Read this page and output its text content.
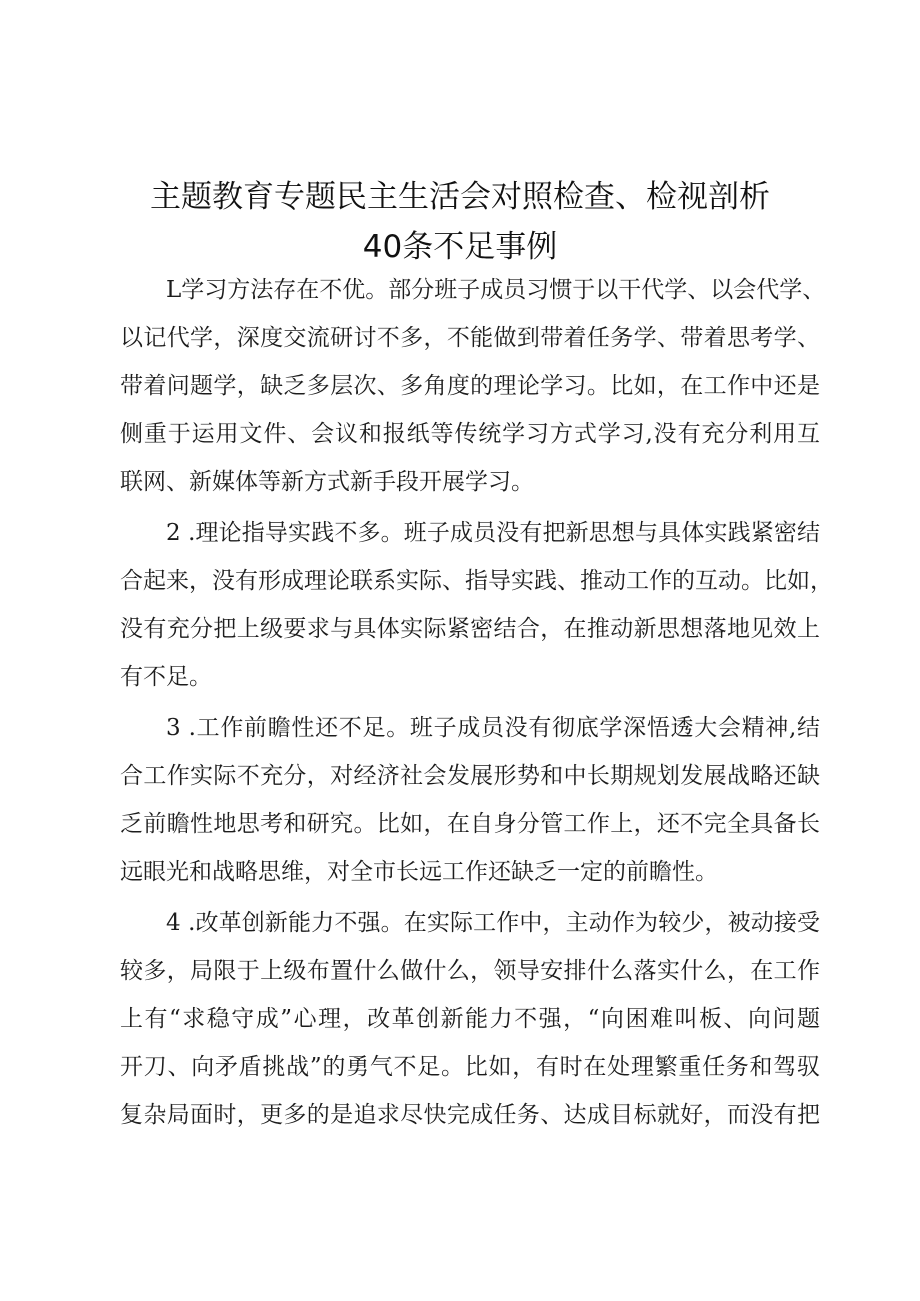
主题教育专题民主生活会对照检查、检视剖析
40条不足事例
L学习方法存在不优。部分班子成员习惯于以干代学、以会代学、
以记代学，深度交流研讨不多，不能做到带着任务学、带着思考学、
带着问题学，缺乏多层次、多角度的理论学习。比如，在工作中还是
侧重于运用文件、会议和报纸等传统学习方式学习,没有充分利用互
联网、新媒体等新方式新手段开展学习。
2 .理论指导实践不多。班子成员没有把新思想与具体实践紧密结
合起来，没有形成理论联系实际、指导实践、推动工作的互动。比如，
没有充分把上级要求与具体实际紧密结合，在推动新思想落地见效上
有不足。
3 .工作前瞻性还不足。班子成员没有彻底学深悟透大会精神,结
合工作实际不充分，对经济社会发展形势和中长期规划发展战略还缺
乏前瞻性地思考和研究。比如，在自身分管工作上，还不完全具备长
远眼光和战略思维，对全市长远工作还缺乏一定的前瞻性。
4 .改革创新能力不强。在实际工作中，主动作为较少，被动接受
较多，局限于上级布置什么做什么，领导安排什么落实什么，在工作
上有“求稳守成”心理，改革创新能力不强，“向困难叫板、向问题
开刀、向矛盾挑战”的勇气不足。比如，有时在处理繁重任务和驾驭
复杂局面时，更多的是追求尽快完成任务、达成目标就好，而没有把
